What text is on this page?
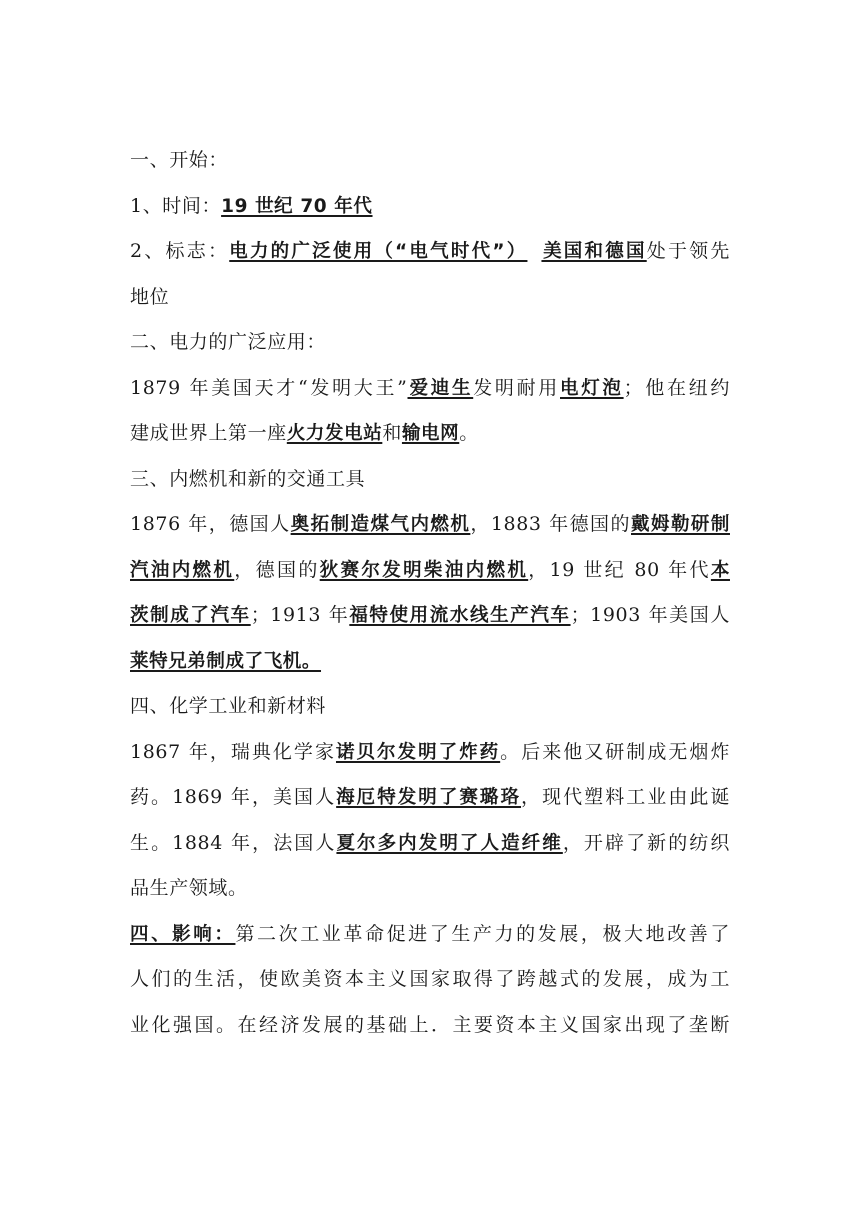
一、开始：
1、时间：19 世纪 70 年代
2、标志：电力的广泛使用（“电气时代”） 美国和德国处于领先
地位
二、电力的广泛应用：
1879 年美国天才“发明大王”爱迪生发明耐用电灯泡；他在纽约
建成世界上第一座火力发电站和输电网。
三、内燃机和新的交通工具
1876 年，德国人奥拓制造煤气内燃机，1883 年德国的戴姆勒研制
汽油内燃机，德国的狄赛尔发明柴油内燃机，19 世纪 80 年代本
茨制成了汽车；1913 年福特使用流水线生产汽车；1903 年美国人
莱特兄弟制成了飞机。
四、化学工业和新材料
1867 年，瑞典化学家诺贝尔发明了炸药。后来他又研制成无烟炸
药。1869 年，美国人海厄特发明了赛璐珞，现代塑料工业由此诞
生。1884 年，法国人夏尔多内发明了人造纤维，开辟了新的纺织
品生产领域。
四、影响：第二次工业革命促进了生产力的发展，极大地改善了
人们的生活，使欧美资本主义国家取得了跨越式的发展，成为工
业化强国。在经济发展的基础上．主要资本主义国家出现了垄断
